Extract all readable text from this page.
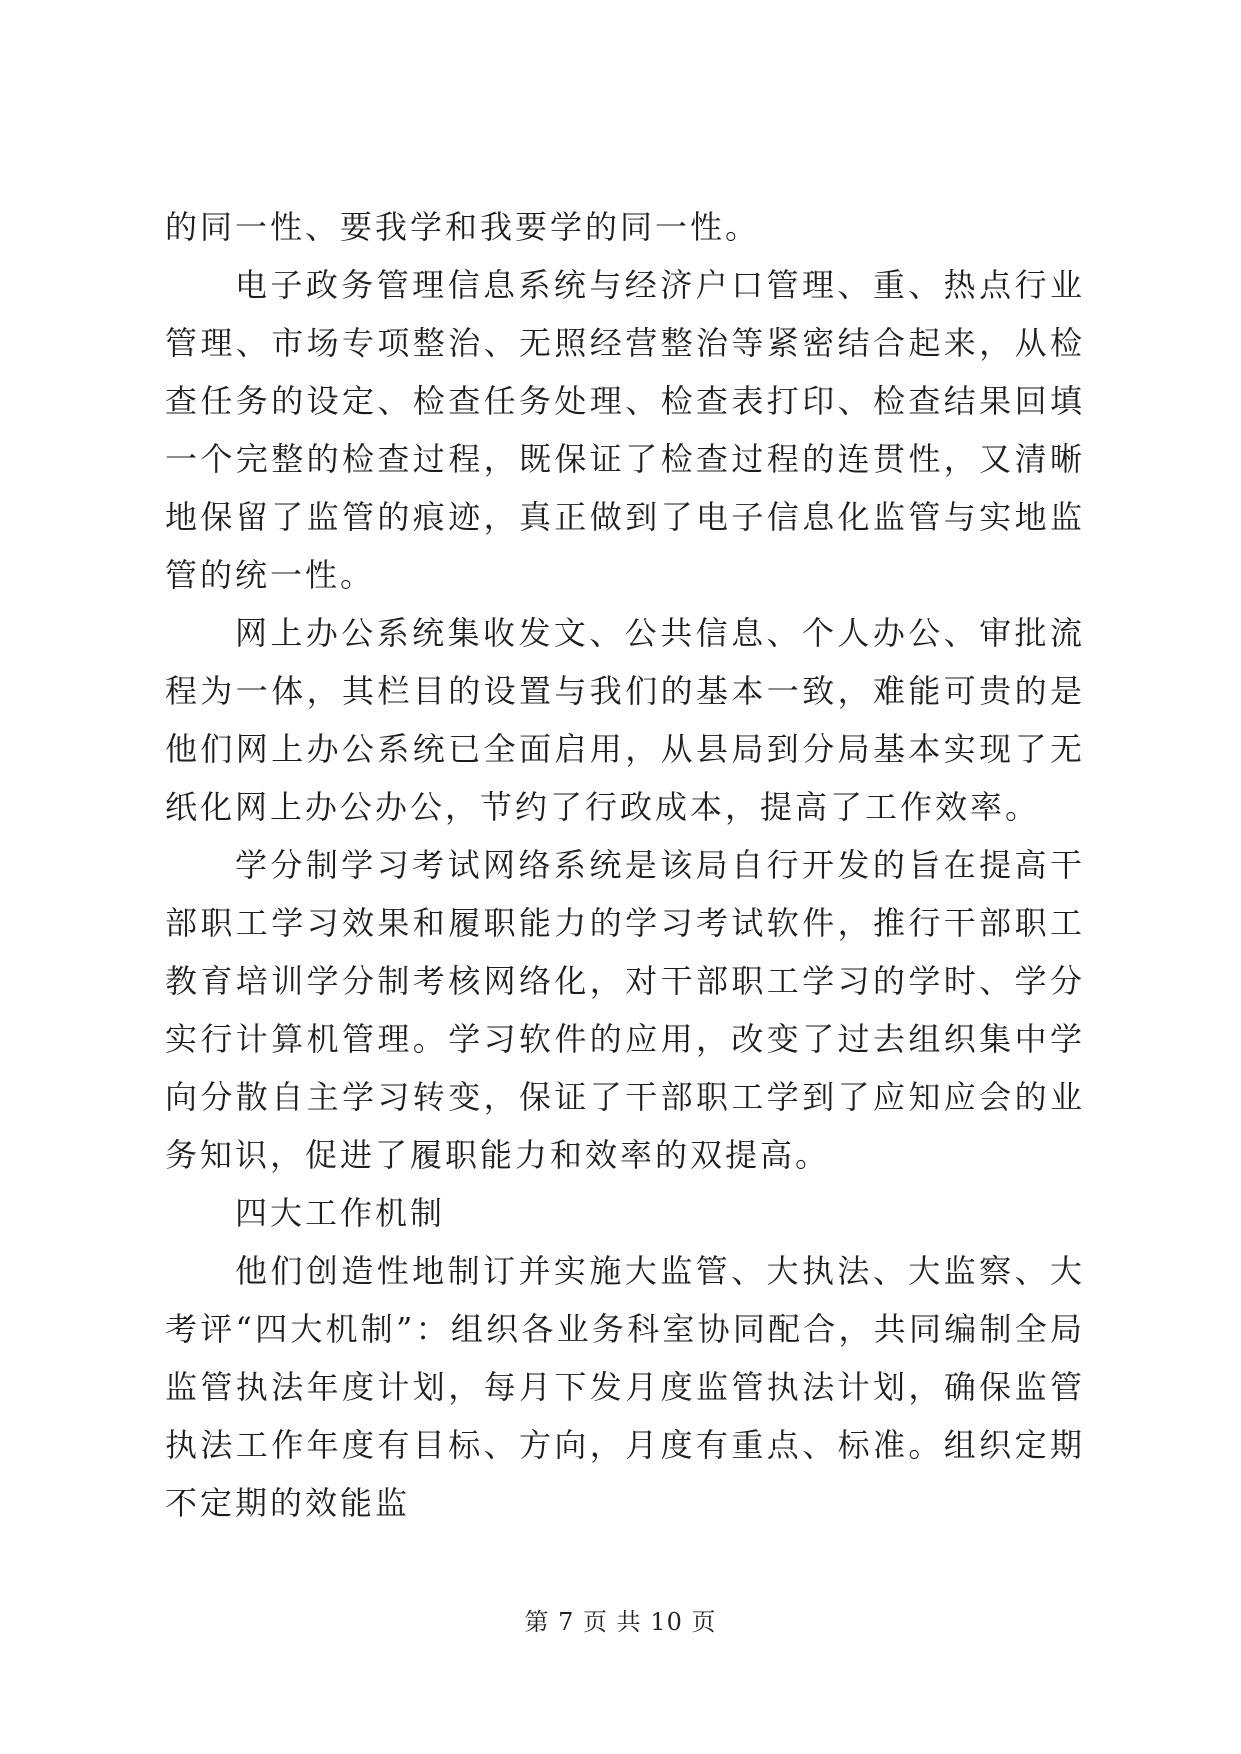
的同一性、要我学和我要学的同一性。

电子政务管理信息系统与经济户口管理、重、热点行业管理、市场专项整治、无照经营整治等紧密结合起来，从检查任务的设定、检查任务处理、检查表打印、检查结果回填一个完整的检查过程，既保证了检查过程的连贯性，又清晰地保留了监管的痕迹，真正做到了电子信息化监管与实地监管的统一性。

网上办公系统集收发文、公共信息、个人办公、审批流程为一体，其栏目的设置与我们的基本一致，难能可贵的是他们网上办公系统已全面启用，从县局到分局基本实现了无纸化网上办公办公，节约了行政成本，提高了工作效率。

学分制学习考试网络系统是该局自行开发的旨在提高干部职工学习效果和履职能力的学习考试软件，推行干部职工教育培训学分制考核网络化，对干部职工学习的学时、学分实行计算机管理。学习软件的应用，改变了过去组织集中学向分散自主学习转变，保证了干部职工学到了应知应会的业务知识，促进了履职能力和效率的双提高。

四大工作机制

他们创造性地制订并实施大监管、大执法、大监察、大考评“四大机制”：组织各业务科室协同配合，共同编制全局监管执法年度计划，每月下发月度监管执法计划，确保监管执法工作年度有目标、方向，月度有重点、标准。组织定期不定期的效能监

第 7 页 共 10 页
